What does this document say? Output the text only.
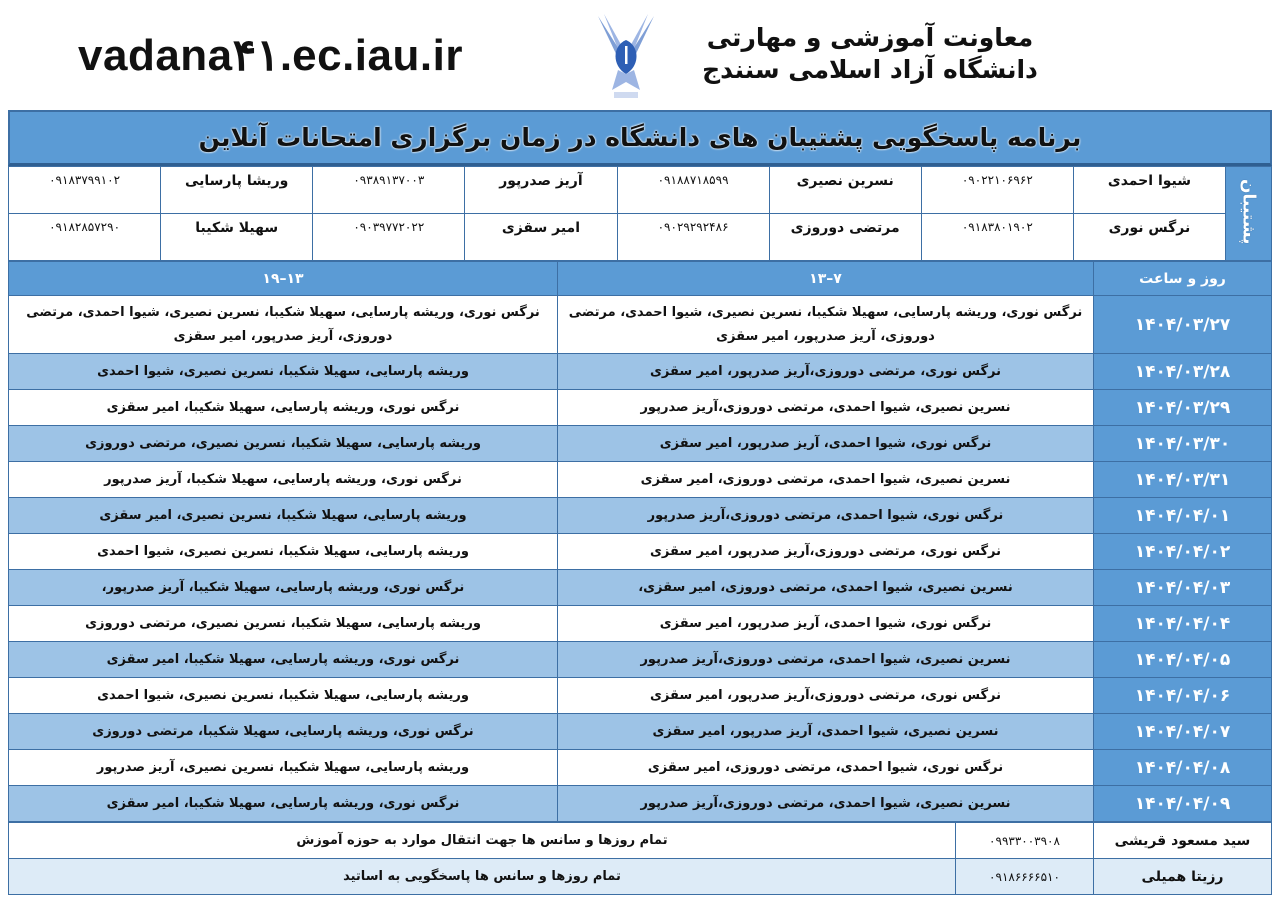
vadana۴۱.ec.iau.ir	معاونت آموزشی و مهارتی
دانشگاه آزاد اسلامی سنندج
برنامه پاسخگویی پشتیبان های دانشگاه در زمان برگزاری امتحانات آنلاین
پشتیبان	شیوا احمدی	۰۹۰۲۲۱۰۶۹۶۲	نسرین نصیری	۰۹۱۸۸۷۱۸۵۹۹	آریز صدرپور	۰۹۳۸۹۱۳۷۰۰۳	وریشا پارسایی	۰۹۱۸۳۷۹۹۱۰۲
	نرگس نوری	۰۹۱۸۳۸۰۱۹۰۲	مرتضی دوروزی	۰۹۰۲۹۲۹۲۴۸۶	امیر سقزی	۰۹۰۳۹۷۷۲۰۲۲	سهیلا شکیبا	۰۹۱۸۲۸۵۷۲۹۰
روز و ساعت	۷–۱۳	۱۳–۱۹
۱۴۰۴/۰۳/۲۷	نرگس نوری، وریشه پارسایی، سهیلا شکیبا، نسرین نصیری، شیوا احمدی، مرتضی دوروزی، آریز صدرپور، امیر سقزی	نرگس نوری، وریشه پارسایی، سهیلا شکیبا، نسرین نصیری، شیوا احمدی، مرتضی دوروزی، آریز صدرپور، امیر سقزی
۱۴۰۴/۰۳/۲۸	نرگس نوری، مرتضی دوروزی،آریز صدرپور، امیر سقزی	وریشه پارسایی، سهیلا شکیبا، نسرین نصیری، شیوا احمدی
۱۴۰۴/۰۳/۲۹	نسرین نصیری، شیوا احمدی، مرتضی دوروزی،آریز صدرپور	نرگس نوری، وریشه پارسایی، سهیلا شکیبا، امیر سقزی
۱۴۰۴/۰۳/۳۰	نرگس نوری، شیوا احمدی، آریز صدرپور، امیر سقزی	وریشه پارسایی، سهیلا شکیبا، نسرین نصیری، مرتضی دوروزی
۱۴۰۴/۰۳/۳۱	نسرین نصیری، شیوا احمدی، مرتضی دوروزی، امیر سقزی	نرگس نوری، وریشه پارسایی، سهیلا شکیبا، آریز صدرپور
۱۴۰۴/۰۴/۰۱	نرگس نوری، شیوا احمدی، مرتضی دوروزی،آریز صدرپور	وریشه پارسایی، سهیلا شکیبا، نسرین نصیری، امیر سقزی
۱۴۰۴/۰۴/۰۲	نرگس نوری، مرتضی دوروزی،آریز صدرپور، امیر سقزی	وریشه پارسایی، سهیلا شکیبا، نسرین نصیری، شیوا احمدی
۱۴۰۴/۰۴/۰۳	نسرین نصیری، شیوا احمدی، مرتضی دوروزی، امیر سقزی،	نرگس نوری، وریشه پارسایی، سهیلا شکیبا، آریز صدرپور،
۱۴۰۴/۰۴/۰۴	نرگس نوری، شیوا احمدی، آریز صدرپور، امیر سقزی	وریشه پارسایی، سهیلا شکیبا، نسرین نصیری، مرتضی دوروزی
۱۴۰۴/۰۴/۰۵	نسرین نصیری، شیوا احمدی، مرتضی دوروزی،آریز صدرپور	نرگس نوری، وریشه پارسایی، سهیلا شکیبا، امیر سقزی
۱۴۰۴/۰۴/۰۶	نرگس نوری، مرتضی دوروزی،آریز صدرپور، امیر سقزی	وریشه پارسایی، سهیلا شکیبا، نسرین نصیری، شیوا احمدی
۱۴۰۴/۰۴/۰۷	نسرین نصیری، شیوا احمدی، آریز صدرپور، امیر سقزی	نرگس نوری، وریشه پارسایی، سهیلا شکیبا، مرتضی دوروزی
۱۴۰۴/۰۴/۰۸	نرگس نوری، شیوا احمدی، مرتضی دوروزی، امیر سقزی	وریشه پارسایی، سهیلا شکیبا، نسرین نصیری، آریز صدرپور
۱۴۰۴/۰۴/۰۹	نسرین نصیری، شیوا احمدی، مرتضی دوروزی،آریز صدرپور	نرگس نوری، وریشه پارسایی، سهیلا شکیبا، امیر سقزی
سید مسعود قریشی	۰۹۹۳۳۰۰۳۹۰۸	تمام روزها و سانس ها جهت انتقال موارد به حوزه آموزش
رزیتا همیلی	۰۹۱۸۶۶۶۶۵۱۰	تمام روزها و سانس ها پاسخگویی به اساتید
